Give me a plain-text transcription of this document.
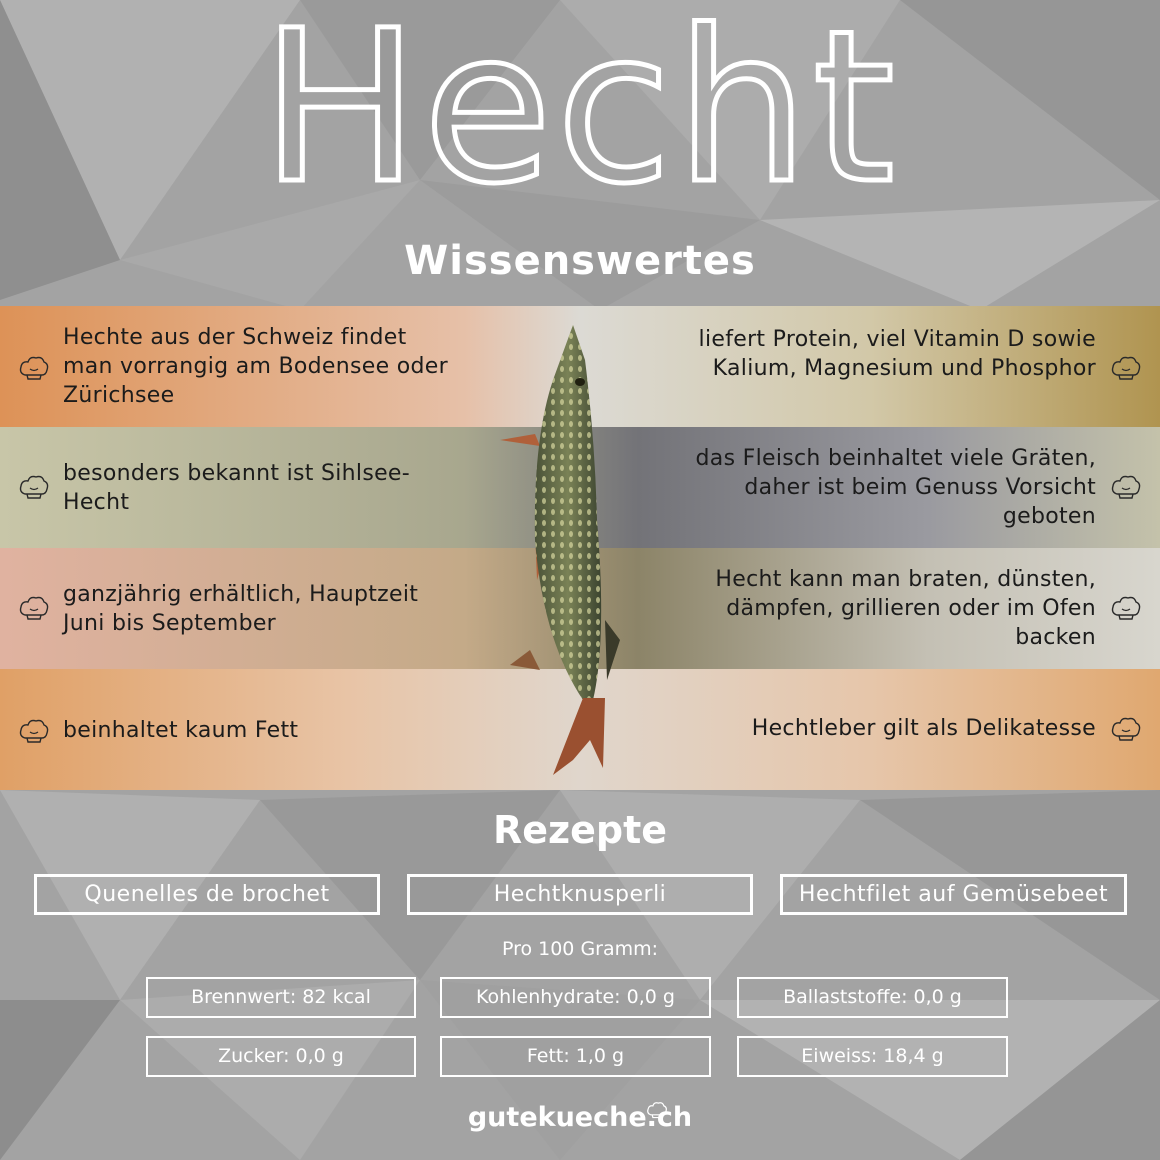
Hecht
Wissenswertes
Hechte aus der Schweiz findet man vorrangig am Bodensee oder Zürichsee
besonders bekannt ist Sihlsee-Hecht
ganzjährig erhältlich, Hauptzeit Juni bis September
beinhaltet kaum Fett
liefert Protein, viel Vitamin D sowie Kalium, Magnesium und Phosphor
das Fleisch beinhaltet viele Gräten, daher ist beim Genuss Vorsicht geboten
Hecht kann man braten, dünsten, dämpfen, grillieren oder im Ofen backen
Hechtleber gilt als Delikatesse
Rezepte
Quenelles de brochet	Hechtknusperli	Hechtfilet auf Gemüsebeet
Pro 100 Gramm:
Brennwert: 82 kcal	Kohlenhydrate: 0,0 g	Ballaststoffe: 0,0 g
Zucker: 0,0 g	Fett: 1,0 g	Eiweiss: 18,4 g
gutekueche.ch
